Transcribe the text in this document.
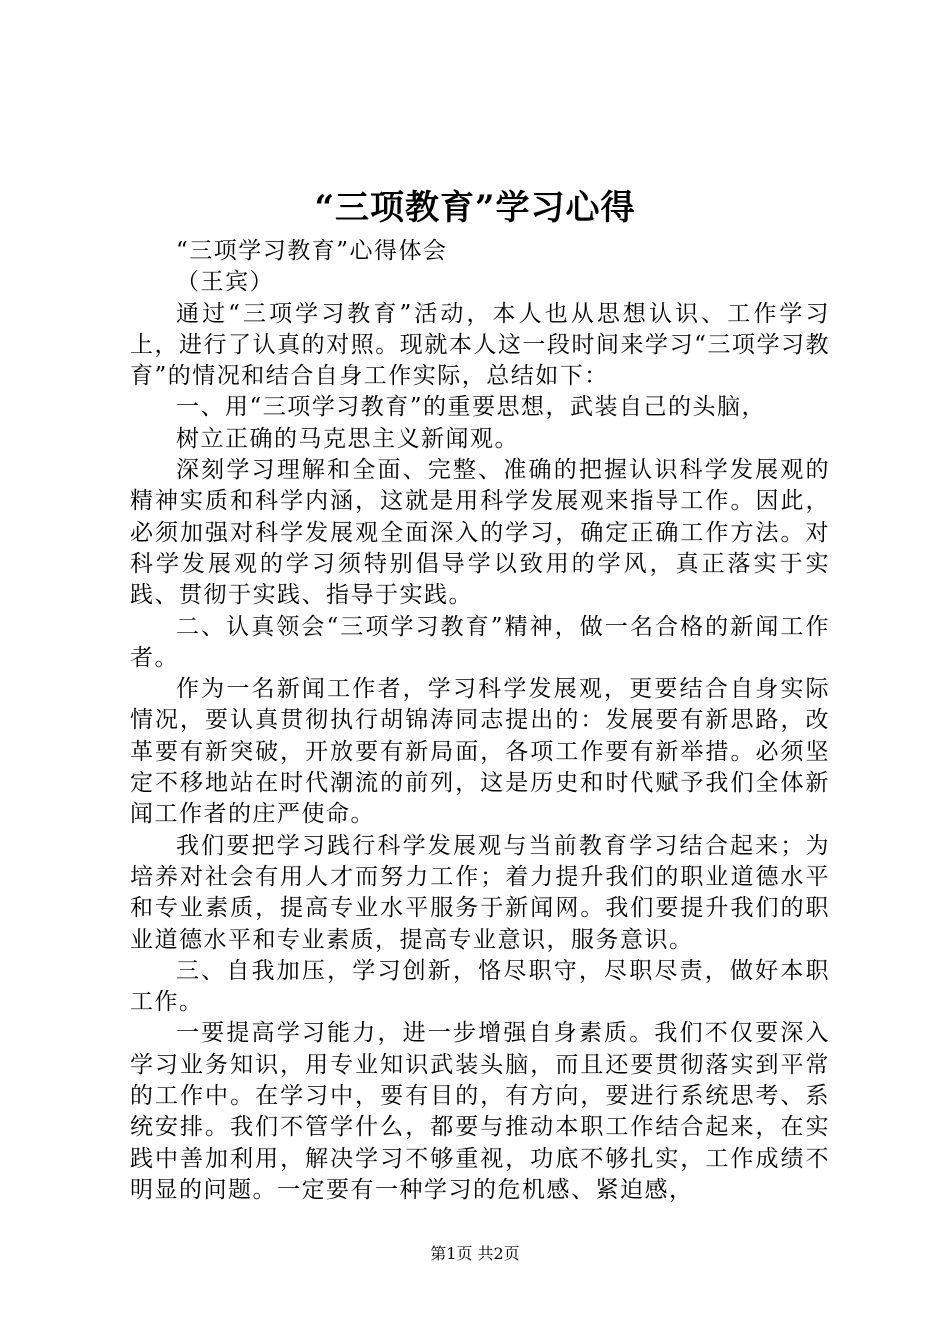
“三项教育”学习心得

“三项学习教育”心得体会

（王宾）

通过“三项学习教育”活动，本人也从思想认识、工作学习上，进行了认真的对照。现就本人这一段时间来学习“三项学习教育”的情况和结合自身工作实际，总结如下：

一、用“三项学习教育”的重要思想，武装自己的头脑，

树立正确的马克思主义新闻观。

深刻学习理解和全面、完整、准确的把握认识科学发展观的精神实质和科学内涵，这就是用科学发展观来指导工作。因此，必须加强对科学发展观全面深入的学习，确定正确工作方法。对科学发展观的学习须特别倡导学以致用的学风，真正落实于实践、贯彻于实践、指导于实践。

二、认真领会“三项学习教育”精神，做一名合格的新闻工作者。

作为一名新闻工作者，学习科学发展观，更要结合自身实际情况，要认真贯彻执行胡锦涛同志提出的：发展要有新思路，改革要有新突破，开放要有新局面，各项工作要有新举措。必须坚定不移地站在时代潮流的前列，这是历史和时代赋予我们全体新闻工作者的庄严使命。

我们要把学习践行科学发展观与当前教育学习结合起来；为培养对社会有用人才而努力工作；着力提升我们的职业道德水平和专业素质，提高专业水平服务于新闻网。我们要提升我们的职业道德水平和专业素质，提高专业意识，服务意识。

三、自我加压，学习创新，恪尽职守，尽职尽责，做好本职工作。

一要提高学习能力，进一步增强自身素质。我们不仅要深入学习业务知识，用专业知识武装头脑，而且还要贯彻落实到平常的工作中。在学习中，要有目的，有方向，要进行系统思考、系统安排。我们不管学什么，都要与推动本职工作结合起来，在实践中善加利用，解决学习不够重视，功底不够扎实，工作成绩不明显的问题。一定要有一种学习的危机感、紧迫感，

第1页 共2页
